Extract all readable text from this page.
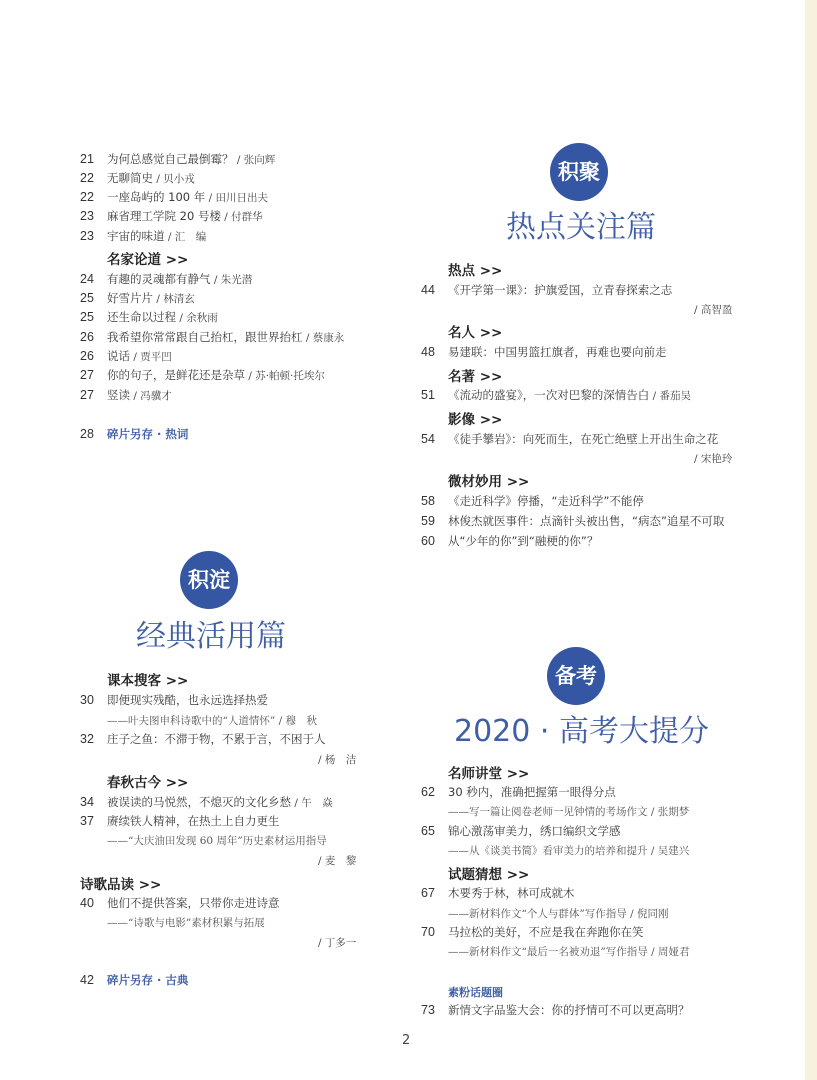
21 为何总感觉自己最倒霉？ / 张向辉
22 无聊简史 / 贝小戎
22 一座岛屿的 100 年 / 田川日出夫
23 麻省理工学院 20 号楼 / 付群华
23 宇宙的味道 / 汇　编
名家论道 >>
24 有趣的灵魂都有静气 / 朱光潜
25 好雪片片 / 林清玄
25 还生命以过程 / 余秋雨
26 我希望你常常跟自己抬杠，跟世界抬杠 / 蔡康永
26 说话 / 贾平凹
27 你的句子，是鲜花还是杂草 / 苏·帕顿·托埃尔
27 竖读 / 冯骥才
28 碎片另存 · 热词
积聚
热点关注篇
热点 >>
44 《开学第一课》：护旗爱国，立青春探索之志
/ 高智盈
名人 >>
48 易建联：中国男篮扛旗者，再难也要向前走
名著 >>
51 《流动的盛宴》，一次对巴黎的深情告白 / 番茄吴
影像 >>
54 《徒手攀岩》：向死而生，在死亡绝壁上开出生命之花
/ 宋艳玲
微材妙用 >>
58 《走近科学》停播，“走近科学”不能停
59 林俊杰就医事件：点滴针头被出售，“病态”追星不可取
60 从“少年的你”到“融梗的你”？
积淀
经典活用篇
课本搜客 >>
30 即便现实残酷，也永远选择热爱
——叶夫图申科诗歌中的“人道情怀” / 穆　秋
32 庄子之鱼：不滞于物，不累于言，不困于人
/ 杨　洁
春秋古今 >>
34 被误读的马悦然，不熄灭的文化乡愁 / 午　焱
37 赓续铁人精神，在热土上自力更生
——“大庆油田发现 60 周年”历史素材运用指导
/ 麦　黎
诗歌品读 >>
40 他们不提供答案，只带你走进诗意
——“诗歌与电影”素材积累与拓展
/ 丁多一
42 碎片另存 · 古典
备考
2020 · 高考大提分
名师讲堂 >>
62 30 秒内，准确把握第一眼得分点
——写一篇让阅卷老师一见钟情的考场作文 / 张期梦
65 锦心激荡审美力，绣口编织文学感
——从《谈美书简》看审美力的培养和提升 / 吴建兴
试题猜想 >>
67 木要秀于林，林可成就木
——新材料作文“个人与群体”写作指导 / 倪同刚
70 马拉松的美好，不应是我在奔跑你在笑
——新材料作文“最后一名被劝退”写作指导 / 周娅君
素粉话题圈
73 新情文字品鉴大会：你的抒情可不可以更高明？
2
